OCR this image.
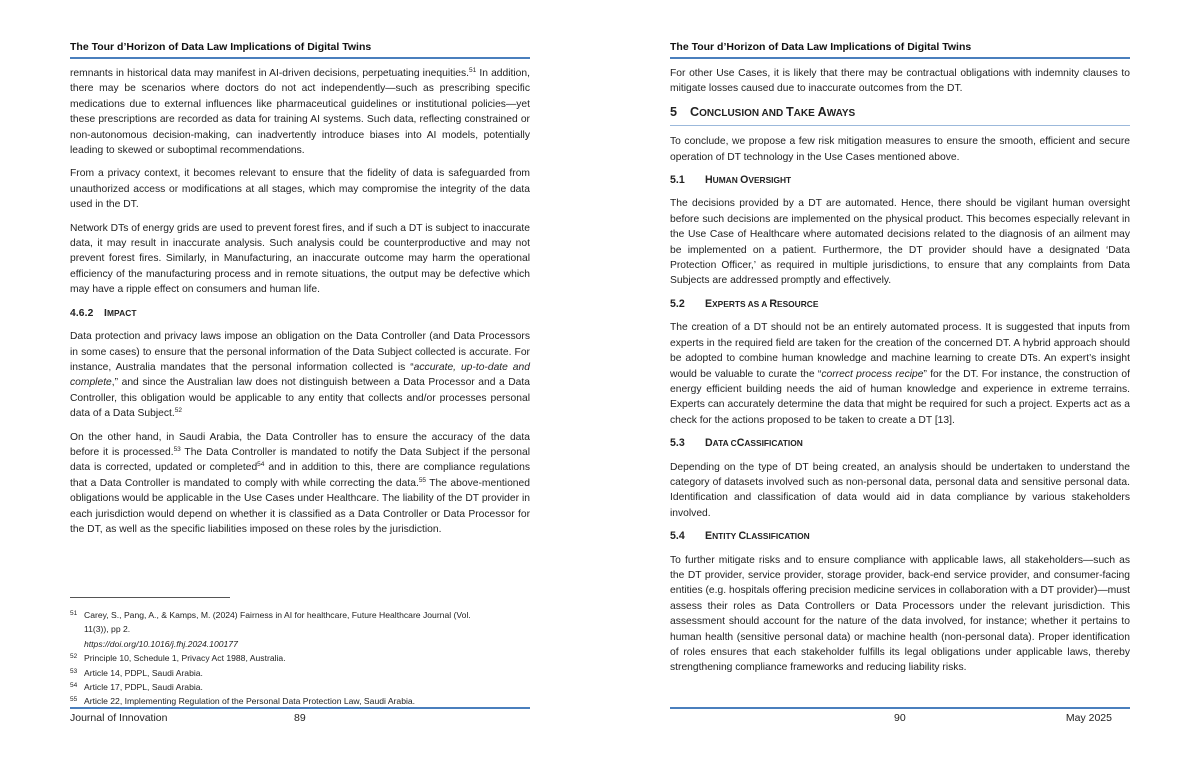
The Tour d’Horizon of Data Law Implications of Digital Twins

remnants in historical data may manifest in AI-driven decisions, perpetuating inequities.$^{51}$ In addition, there may be scenarios where doctors do not act independently—such as prescribing specific medications due to external influences like pharmaceutical guidelines or institutional policies—yet these prescriptions are recorded as data for training AI systems. Such data, reflecting constrained or non-autonomous decision-making, can inadvertently introduce biases into AI models, potentially leading to skewed or suboptimal recommendations.

From a privacy context, it becomes relevant to ensure that the fidelity of data is safeguarded from unauthorized access or modifications at all stages, which may compromise the integrity of the data used in the DT.

Network DTs of energy grids are used to prevent forest fires, and if such a DT is subject to inaccurate data, it may result in inaccurate analysis. Such analysis could be counterproductive and may not prevent forest fires. Similarly, in Manufacturing, an inaccurate outcome may harm the operational efficiency of the manufacturing process and in remote situations, the output may be defective which may have a ripple effect on consumers and human life.

4.6.2 IMPACT

Data protection and privacy laws impose an obligation on the Data Controller (and Data Processors in some cases) to ensure that the personal information of the Data Subject collected is accurate. For instance, Australia mandates that the personal information collected is “accurate, up-to-date and complete,” and since the Australian law does not distinguish between a Data Processor and a Data Controller, this obligation would be applicable to any entity that collects and/or processes personal data of a Data Subject.$^{52}$

On the other hand, in Saudi Arabia, the Data Controller has to ensure the accuracy of the data before it is processed.$^{53}$ The Data Controller is mandated to notify the Data Subject if the personal data is corrected, updated or completed$^{54}$ and in addition to this, there are compliance regulations that a Data Controller is mandated to comply with while correcting the data.$^{55}$ The above-mentioned obligations would be applicable in the Use Cases under Healthcare. The liability of the DT provider in each jurisdiction would depend on whether it is classified as a Data Controller or Data Processor for the DT, as well as the specific liabilities imposed on these roles by the jurisdiction.

51 Carey, S., Pang, A., & Kamps, M. (2024) Fairness in AI for healthcare, Future Healthcare Journal (Vol.
11(3)), pp 2.
https://doi.org/10.1016/j.fhj.2024.100177
52 Principle 10, Schedule 1, Privacy Act 1988, Australia.
53 Article 14, PDPL, Saudi Arabia.
54 Article 17, PDPL, Saudi Arabia.
55 Article 22, Implementing Regulation of the Personal Data Protection Law, Saudi Arabia.
Journal of Innovation	89
The Tour d’Horizon of Data Law Implications of Digital Twins

For other Use Cases, it is likely that there may be contractual obligations with indemnity clauses to mitigate losses caused due to inaccurate outcomes from the DT.

5 CONCLUSION AND TAKE AWAYS

To conclude, we propose a few risk mitigation measures to ensure the smooth, efficient and secure operation of DT technology in the Use Cases mentioned above.

5.1 HUMAN OVERSIGHT

The decisions provided by a DT are automated. Hence, there should be vigilant human oversight before such decisions are implemented on the physical product. This becomes especially relevant in the Use Case of Healthcare where automated decisions related to the diagnosis of an ailment may be implemented on a patient. Furthermore, the DT provider should have a designated ‘Data Protection Officer,’ as required in multiple jurisdictions, to ensure that any complaints from Data Subjects are addressed promptly and effectively.

5.2 EXPERTS AS A RESOURCE

The creation of a DT should not be an entirely automated process. It is suggested that inputs from experts in the required field are taken for the creation of the concerned DT. A hybrid approach should be adopted to combine human knowledge and machine learning to create DTs. An expert’s insight would be valuable to curate the “correct process recipe” for the DT. For instance, the construction of energy efficient building needs the aid of human knowledge and experience in extreme terrains. Experts can accurately determine the data that might be required for such a project. Experts act as a check for the actions proposed to be taken to create a DT [13].

5.3 DATA CCASSIFICATION

Depending on the type of DT being created, an analysis should be undertaken to understand the category of datasets involved such as non-personal data, personal data and sensitive personal data. Identification and classification of data would aid in data compliance by various stakeholders involved.

5.4 ENTITY CLASSIFICATION

To further mitigate risks and to ensure compliance with applicable laws, all stakeholders—such as the DT provider, service provider, storage provider, back-end service provider, and consumer-facing entities (e.g. hospitals offering precision medicine services in collaboration with a DT provider)—must assess their roles as Data Controllers or Data Processors under the relevant jurisdiction. This assessment should account for the nature of the data involved, for instance; whether it pertains to human health (sensitive personal data) or machine health (non-personal data). Proper identification of roles ensures that each stakeholder fulfills its legal obligations under applicable laws, thereby strengthening compliance frameworks and reducing liability risks.

90	May 2025
